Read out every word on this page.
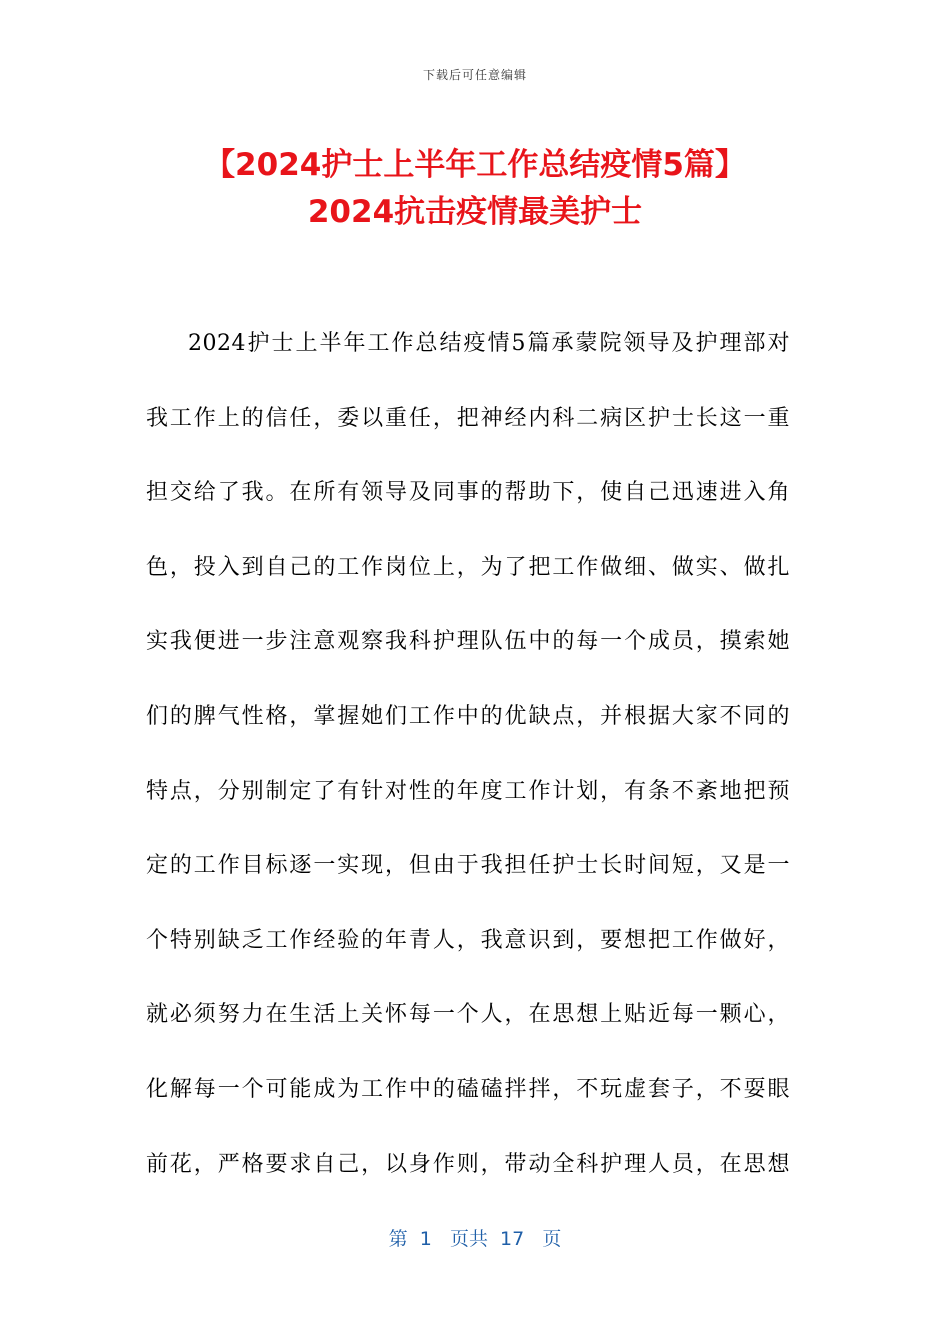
下载后可任意编辑
【2024护士上半年工作总结疫情5篇】
2024抗击疫情最美护士
2024护士上半年工作总结疫情5篇承蒙院领导及护理部对
我工作上的信任，委以重任，把神经内科二病区护士长这一重
担交给了我。在所有领导及同事的帮助下，使自己迅速进入角
色，投入到自己的工作岗位上，为了把工作做细、做实、做扎
实我便进一步注意观察我科护理队伍中的每一个成员，摸索她
们的脾气性格，掌握她们工作中的优缺点，并根据大家不同的
特点，分别制定了有针对性的年度工作计划，有条不紊地把预
定的工作目标逐一实现，但由于我担任护士长时间短，又是一
个特别缺乏工作经验的年青人，我意识到，要想把工作做好，
就必须努力在生活上关怀每一个人，在思想上贴近每一颗心，
化解每一个可能成为工作中的磕磕拌拌，不玩虚套子，不耍眼
前花，严格要求自己，以身作则，带动全科护理人员，在思想
第  1   页共  17   页
